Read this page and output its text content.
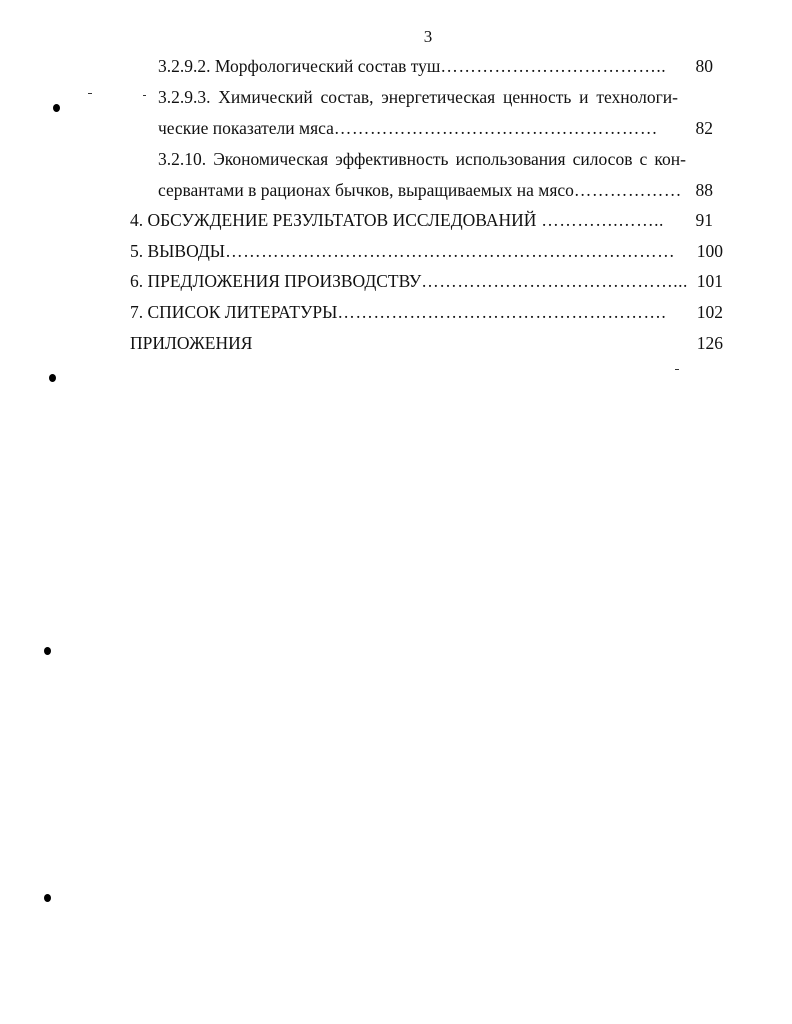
3
3.2.9.2. Морфологический состав туш………………………………..	80
3.2.9.3. Химический состав, энергетическая ценность и технологи-
ческие показатели мяса………………………………………………	82
3.2.10. Экономическая эффективность использования силосов с кон-
сервантами в рационах бычков, выращиваемых на мясо……………… 88
4. ОБСУЖДЕНИЕ РЕЗУЛЬТАТОВ ИССЛЕДОВАНИЙ ………….……..	91
5. ВЫВОДЫ…………………………………………………………………	100
6. ПРЕДЛОЖЕНИЯ ПРОИЗВОДСТВУ……………………………………... 101
7. СПИСОК ЛИТЕРАТУРЫ……………………………………………….	102
ПРИЛОЖЕНИЯ	126
